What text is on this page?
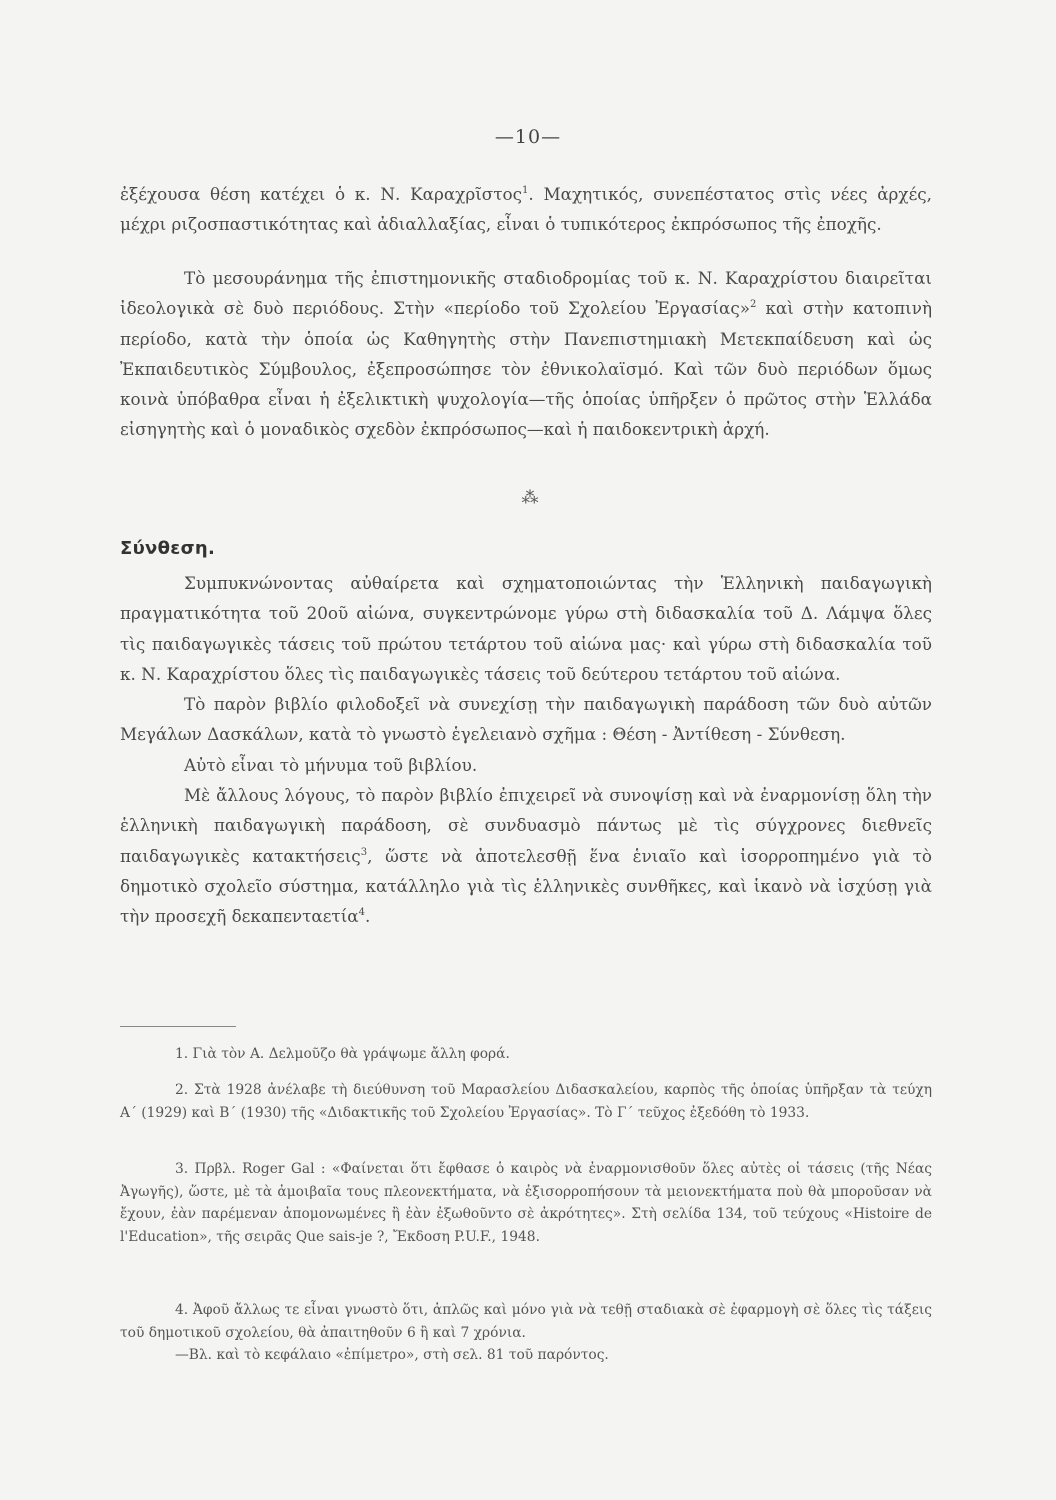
—10—

ἐξέχουσα θέση κατέχει ὁ κ. Ν. Καραχρῖστος$^1$. Μαχητικός, συνεπέστατος στὶς νέες ἀρχές, μέχρι ριζοσπαστικότητας καὶ ἀδιαλλαξίας, εἶναι ὁ τυπικότερος ἐκπρόσωπος τῆς ἐποχῆς.

Τὸ μεσουράνημα τῆς ἐπιστημονικῆς σταδιοδρομίας τοῦ κ. Ν. Καραχρίστου διαιρεῖται ἰδεολογικὰ σὲ δυὸ περιόδους. Στὴν «περίοδο τοῦ Σχολείου Ἐργασίας»$^2$ καὶ στὴν κατοπινὴ περίοδο, κατὰ τὴν ὁποία ὡς Καθηγητὴς στὴν Πανεπιστημιακὴ Μετεκπαίδευση καὶ ὡς Ἐκπαιδευτικὸς Σύμβουλος, ἐξεπροσώπησε τὸν ἐθνικολαϊσμό. Καὶ τῶν δυὸ περιόδων ὅμως κοινὰ ὑπόβαθρα εἶναι ἡ ἐξελικτικὴ ψυχολογία—τῆς ὁποίας ὑπῆρξεν ὁ πρῶτος στὴν Ἑλλάδα εἰσηγητὴς καὶ ὁ μοναδικὸς σχεδὸν ἐκπρόσωπος—καὶ ἡ παιδοκεντρικὴ ἀρχή.

⁂
Σύνθεση.

Συμπυκνώνοντας αὐθαίρετα καὶ σχηματοποιώντας τὴν Ἑλληνικὴ παιδαγωγικὴ πραγματικότητα τοῦ 20οῦ αἰώνα, συγκεντρώνομε γύρω στὴ διδασκαλία τοῦ Δ. Λάμψα ὅλες τὶς παιδαγωγικὲς τάσεις τοῦ πρώτου τετάρτου τοῦ αἰώνα μας· καὶ γύρω στὴ διδασκαλία τοῦ κ. Ν. Καραχρίστου ὅλες τὶς παιδαγωγικὲς τάσεις τοῦ δεύτερου τετάρτου τοῦ αἰώνα.

Τὸ παρὸν βιβλίο φιλοδοξεῖ νὰ συνεχίσῃ τὴν παιδαγωγικὴ παράδοση τῶν δυὸ αὐτῶν Μεγάλων Δασκάλων, κατὰ τὸ γνωστὸ ἑγελειανὸ σχῆμα : Θέση - Ἀντίθεση - Σύνθεση.

Αὐτὸ εἶναι τὸ μήνυμα τοῦ βιβλίου.

Μὲ ἄλλους λόγους, τὸ παρὸν βιβλίο ἐπιχειρεῖ νὰ συνοψίσῃ καὶ νὰ ἐναρμονίσῃ ὅλη τὴν ἑλληνικὴ παιδαγωγικὴ παράδοση, σὲ συνδυασμὸ πάντως μὲ τὶς σύγχρονες διεθνεῖς παιδαγωγικὲς κατακτήσεις$^3$, ὥστε νὰ ἀποτελεσθῇ ἕνα ἑνιαῖο καὶ ἰσορροπημένο γιὰ τὸ δημοτικὸ σχολεῖο σύστημα, κατάλληλο γιὰ τὶς ἑλληνικὲς συνθῆκες, καὶ ἱκανὸ νὰ ἰσχύσῃ γιὰ τὴν προσεχῆ δεκαπενταετία$^4$.

1. Γιὰ τὸν Α. Δελμοῦζο θὰ γράψωμε ἄλλη φορά.

2. Στὰ 1928 ἀνέλαβε τὴ διεύθυνση τοῦ Μαρασλείου Διδασκαλείου, καρπὸς τῆς ὁποίας ὑπῆρξαν τὰ τεύχη Α΄ (1929) καὶ Β΄ (1930) τῆς «Διδακτικῆς τοῦ Σχολείου Ἐργασίας». Τὸ Γ΄ τεῦχος ἐξεδόθη τὸ 1933.

3. Πρβλ. Roger Gal : «Φαίνεται ὅτι ἔφθασε ὁ καιρὸς νὰ ἐναρμονισθοῦν ὅλες αὐτὲς οἱ τάσεις (τῆς Νέας Ἀγωγῆς), ὥστε, μὲ τὰ ἀμοιβαῖα τους πλεονεκτήματα, νὰ ἐξισορροπήσουν τὰ μειονεκτήματα ποὺ θὰ μποροῦσαν νὰ ἔχουν, ἐὰν παρέμεναν ἀπομονωμένες ἢ ἐὰν ἐξωθοῦντο σὲ ἀκρότητες». Στὴ σελίδα 134, τοῦ τεύχους «Histoire de l'Education», τῆς σειρᾶς Que sais-je ?, Ἔκδοση P.U.F., 1948.

4. Ἀφοῦ ἄλλως τε εἶναι γνωστὸ ὅτι, ἁπλῶς καὶ μόνο γιὰ νὰ τεθῇ σταδιακὰ σὲ ἐφαρμογὴ σὲ ὅλες τὶς τάξεις τοῦ δημοτικοῦ σχολείου, θὰ ἀπαιτηθοῦν 6 ἢ καὶ 7 χρόνια.

—Βλ. καὶ τὸ κεφάλαιο «ἐπίμετρο», στὴ σελ. 81 τοῦ παρόντος.
